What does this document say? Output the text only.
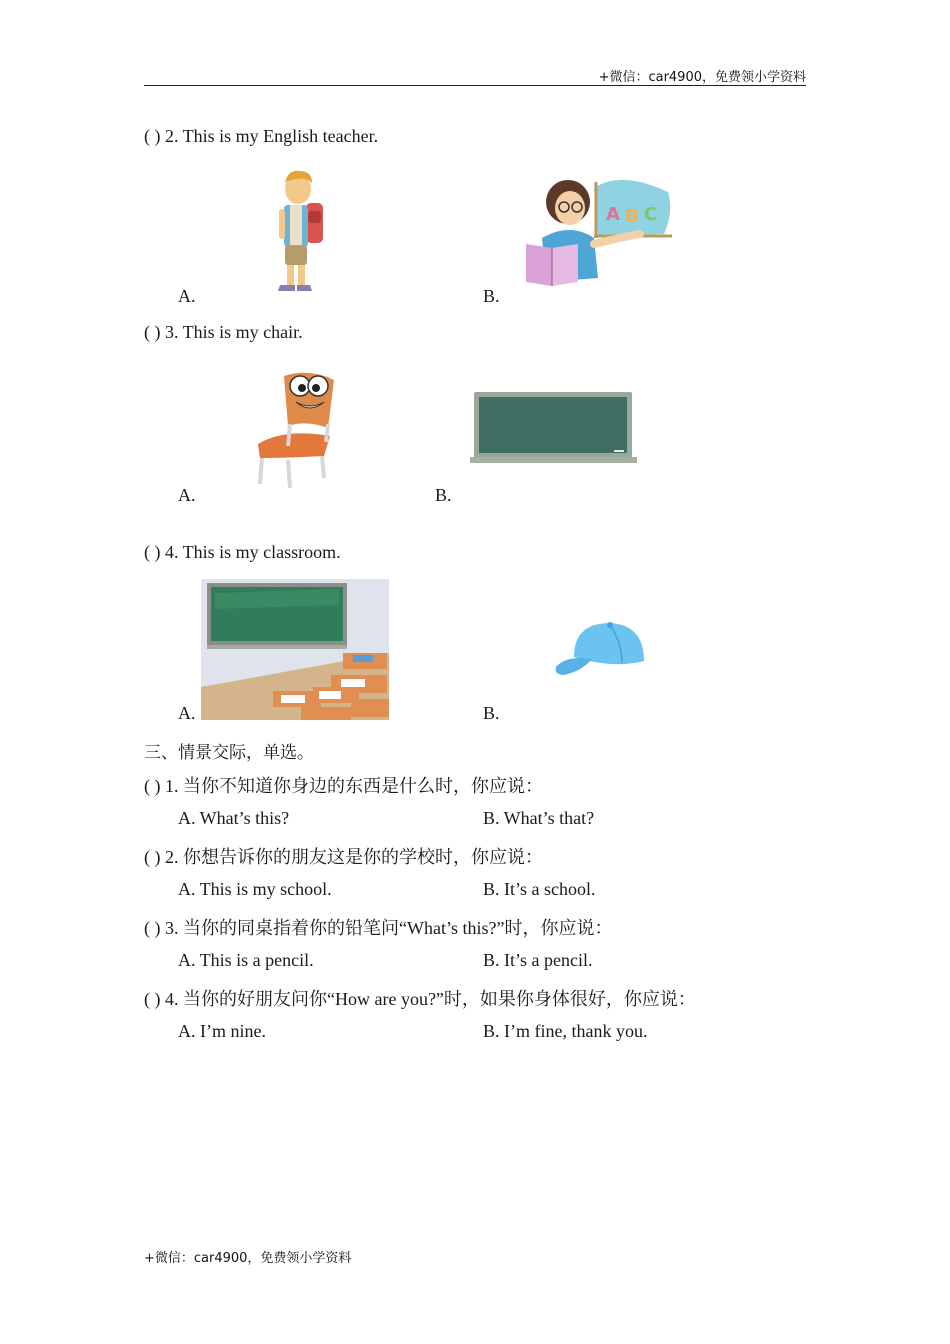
+微信：car4900，免费领小学资料
( ) 2. This is my English teacher.
A.
A B C
B.
( ) 3. This is my chair.
A.	B.
( ) 4. This is my classroom.
A.	B.
三、情景交际，单选。
( ) 1. 当你不知道你身边的东西是什么时，你应说：
A. What’s this?	B. What’s that?
( ) 2. 你想告诉你的朋友这是你的学校时，你应说：
A. This is my school.	B. It’s a school.
( ) 3. 当你的同桌指着你的铅笔问“What’s this?”时，你应说：
A. This is a pencil.	B. It’s a pencil.
( ) 4. 当你的好朋友问你“How are you?”时，如果你身体很好，你应说：
A. I’m nine.	B. I’m fine, thank you.
+微信：car4900，免费领小学资料
